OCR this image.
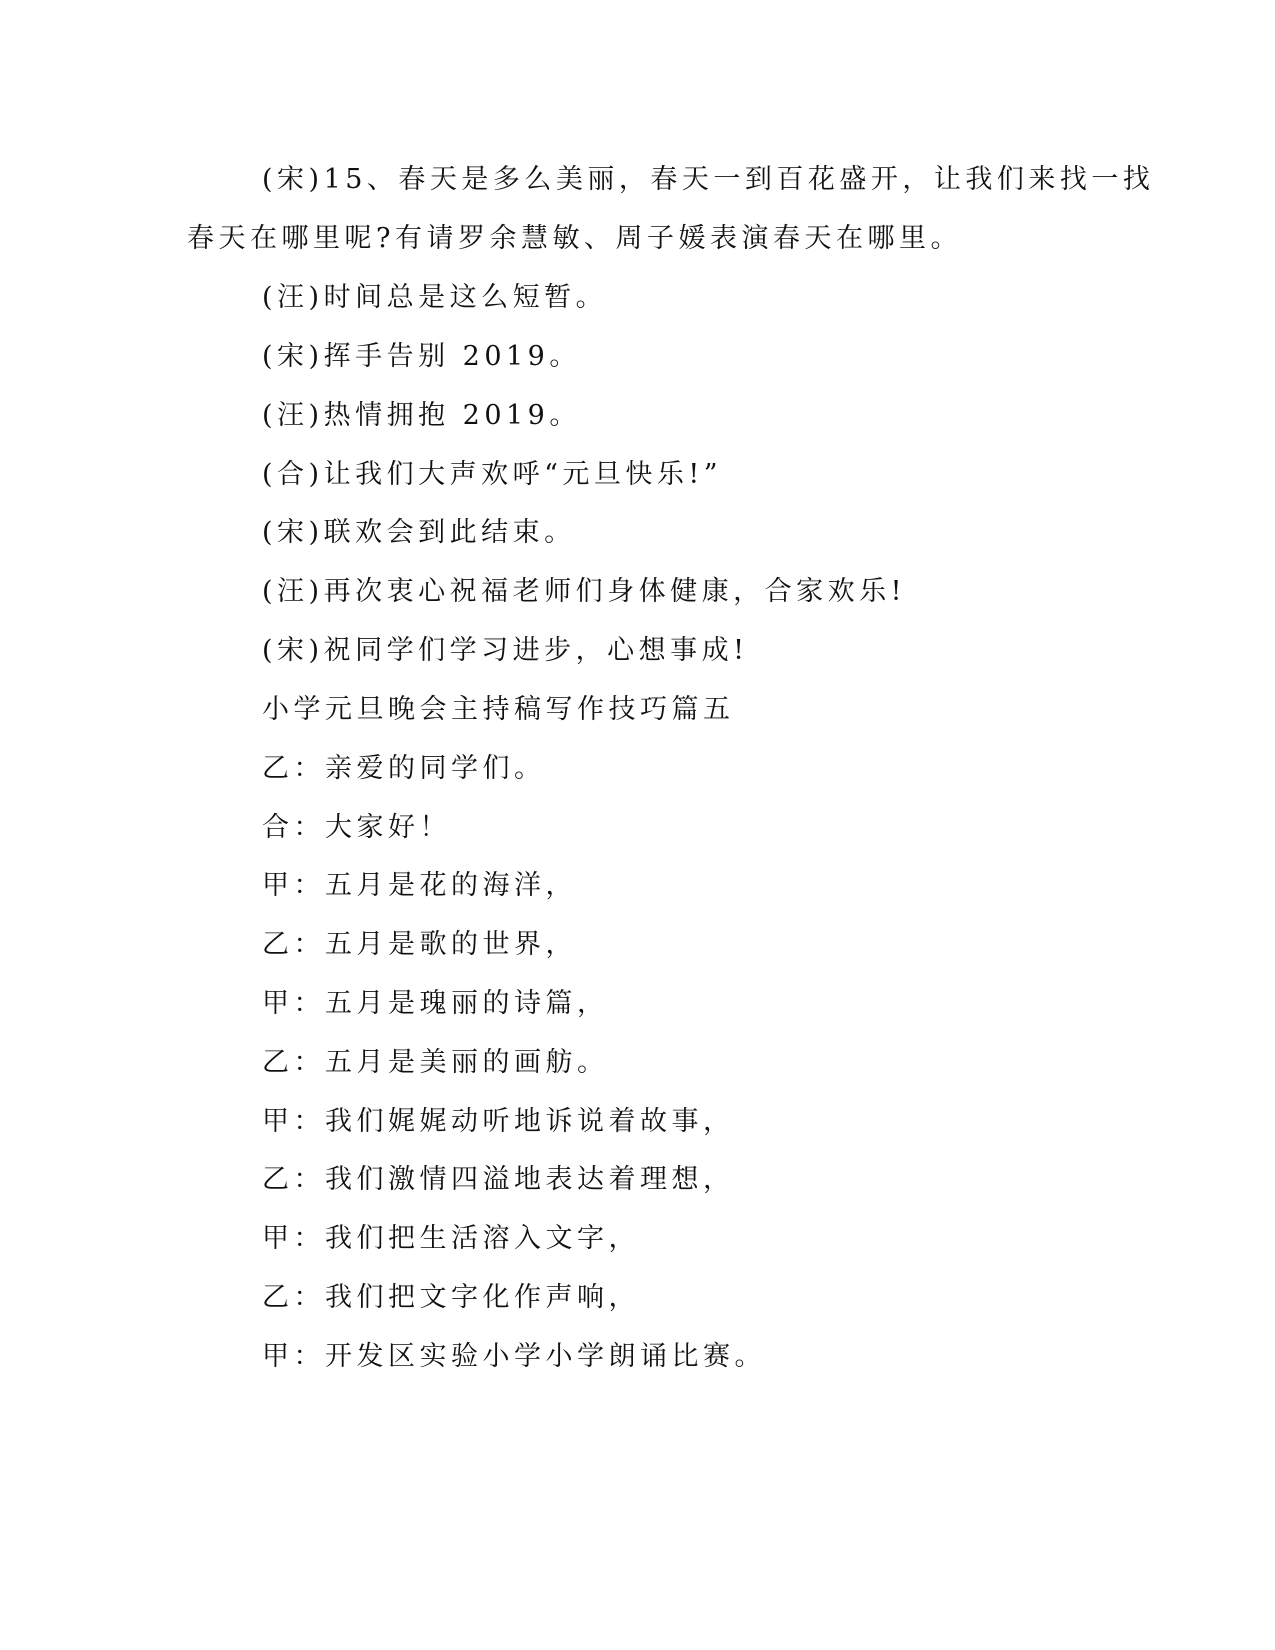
(宋)15、春天是多么美丽，春天一到百花盛开，让我们来找一找
春天在哪里呢?有请罗余慧敏、周子媛表演春天在哪里。
(汪)时间总是这么短暂。
(宋)挥手告别 2019。
(汪)热情拥抱 2019。
(合)让我们大声欢呼“元旦快乐!”
(宋)联欢会到此结束。
(汪)再次衷心祝福老师们身体健康，合家欢乐!
(宋)祝同学们学习进步，心想事成!
小学元旦晚会主持稿写作技巧篇五
乙：亲爱的同学们。
合：大家好！
甲：五月是花的海洋，
乙：五月是歌的世界，
甲：五月是瑰丽的诗篇，
乙：五月是美丽的画舫。
甲：我们娓娓动听地诉说着故事，
乙：我们激情四溢地表达着理想，
甲：我们把生活溶入文字，
乙：我们把文字化作声响，
甲：开发区实验小学小学朗诵比赛。
